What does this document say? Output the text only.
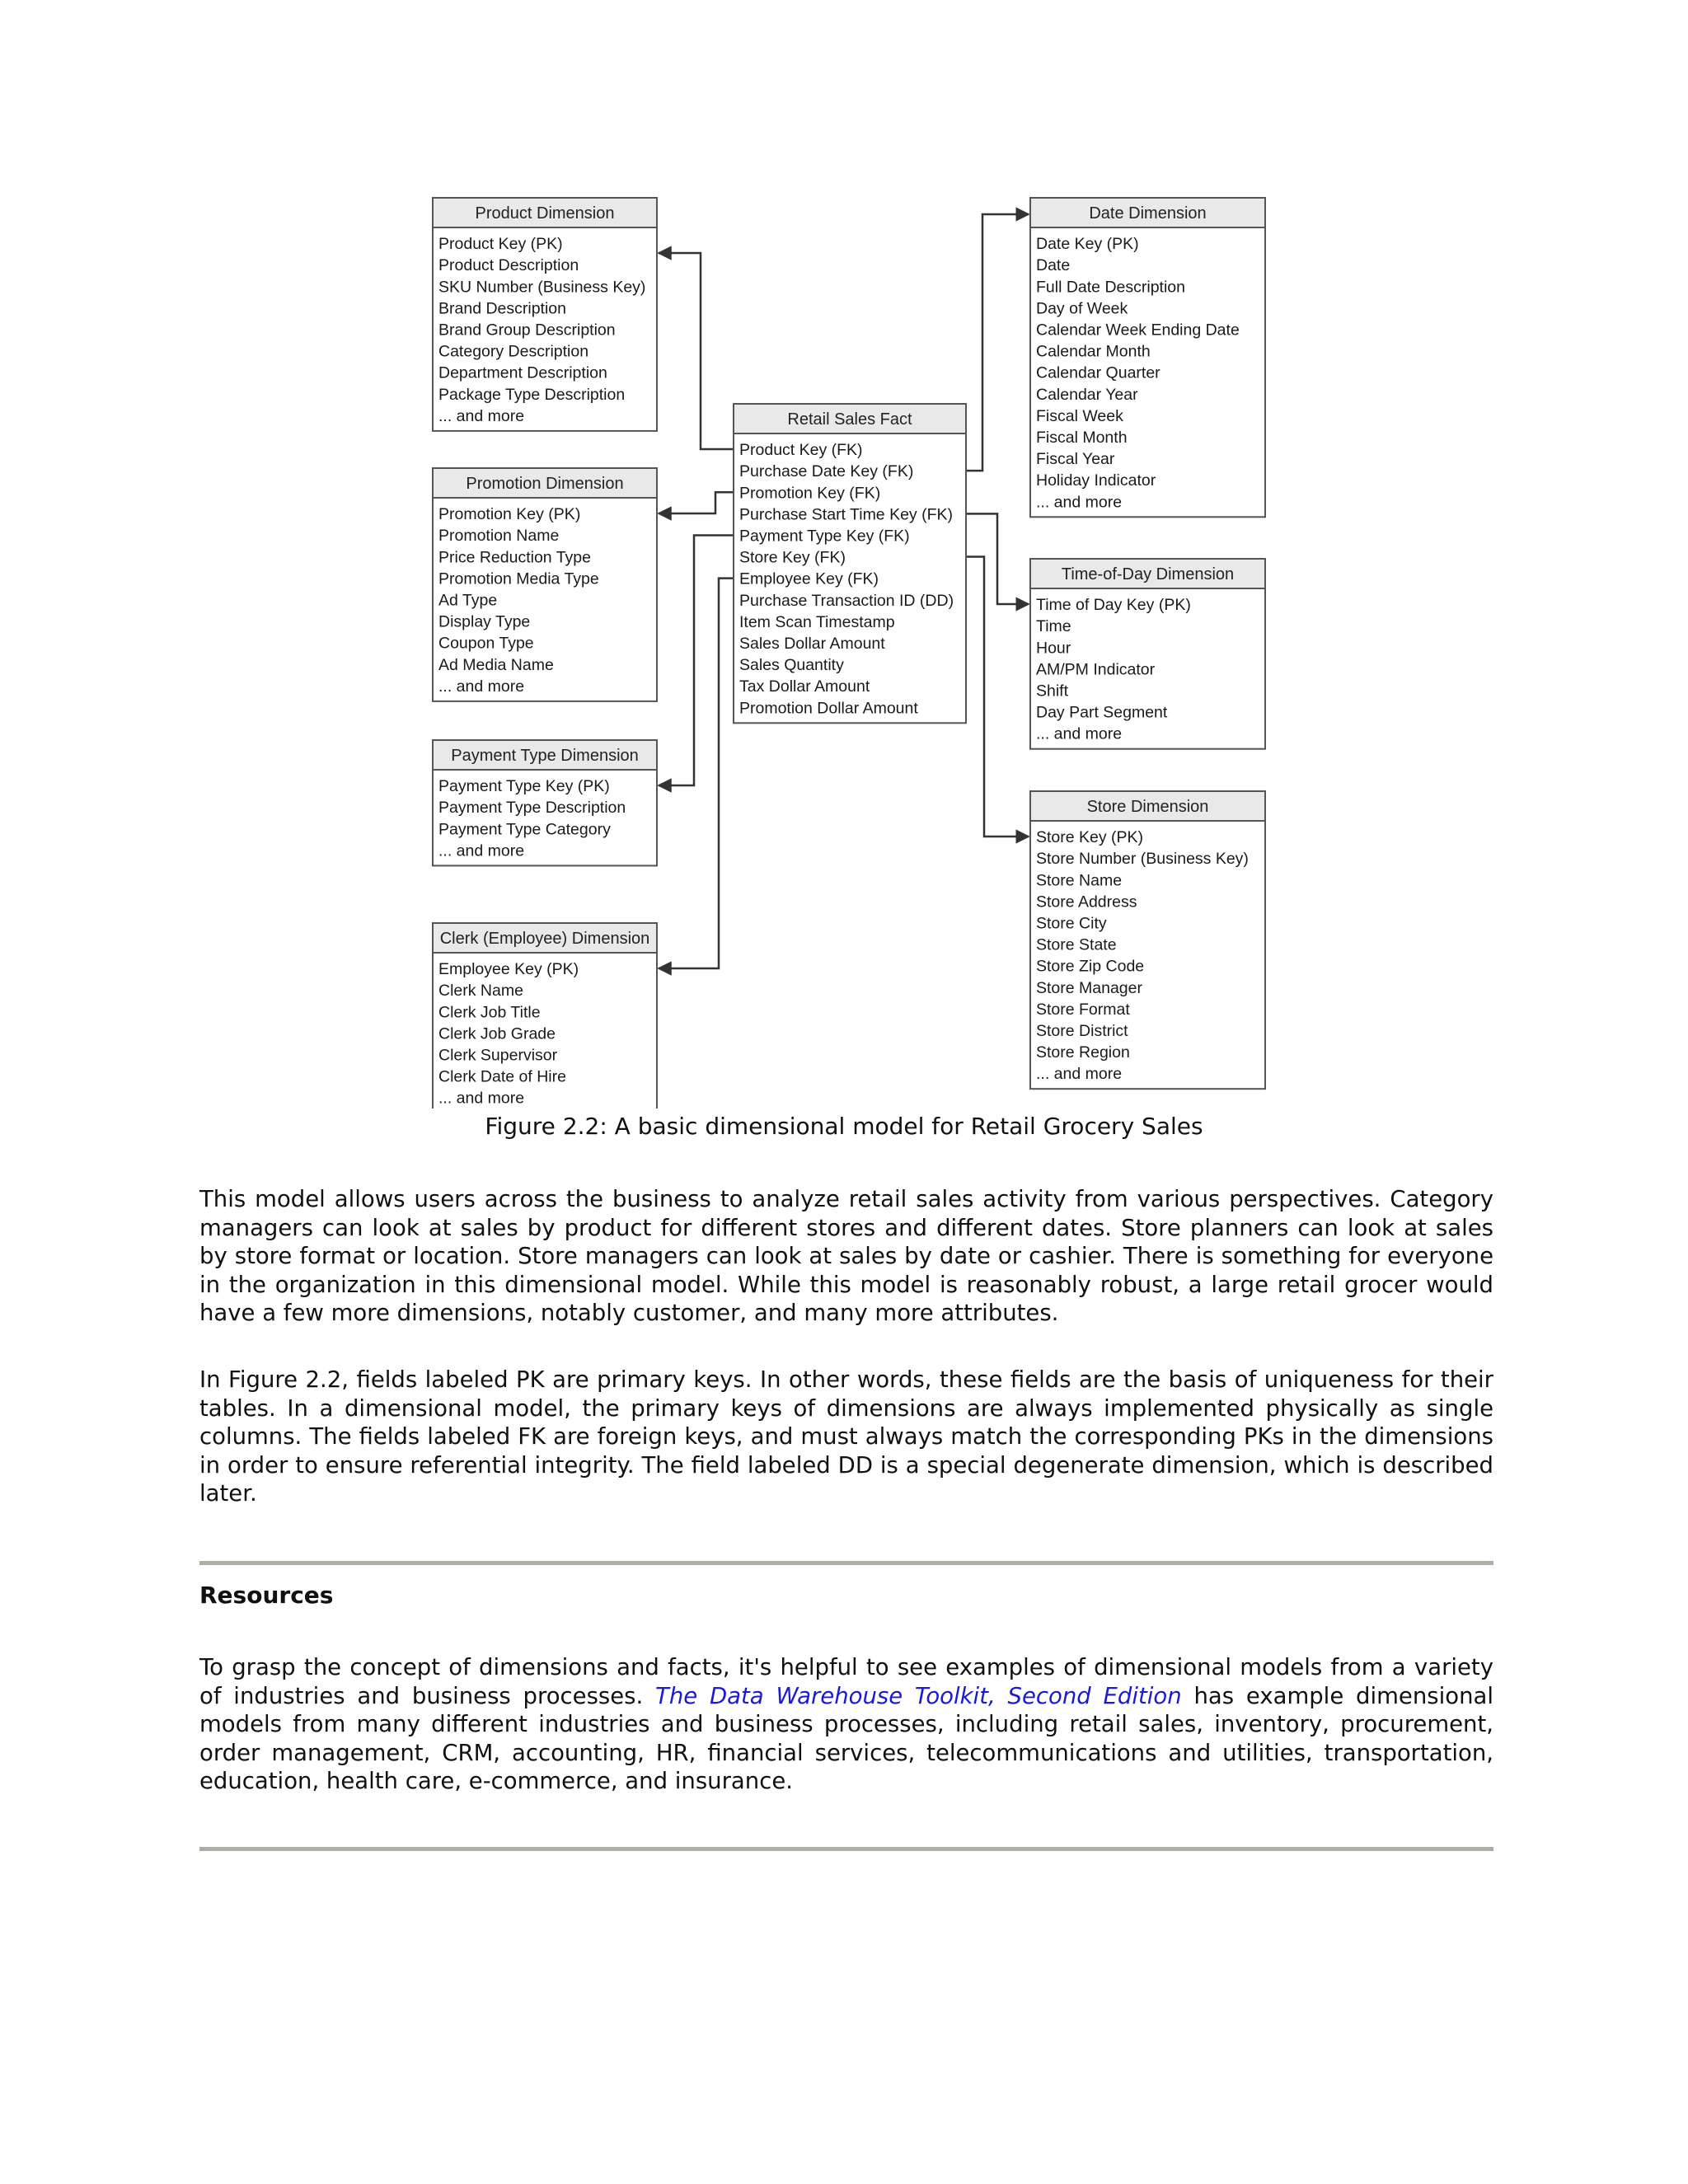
Product Dimension
Product Key (PK)
Product Description
SKU Number (Business Key)
Brand Description
Brand Group Description
Category Description
Department Description
Package Type Description
... and more
Promotion Dimension
Promotion Key (PK)
Promotion Name
Price Reduction Type
Promotion Media Type
Ad Type
Display Type
Coupon Type
Ad Media Name
... and more
Payment Type Dimension
Payment Type Key (PK)
Payment Type Description
Payment Type Category
... and more
Clerk (Employee) Dimension
Employee Key (PK)
Clerk Name
Clerk Job Title
Clerk Job Grade
Clerk Supervisor
Clerk Date of Hire
... and more
Retail Sales Fact
Product Key (FK)
Purchase Date Key (FK)
Promotion Key (FK)
Purchase Start Time Key (FK)
Payment Type Key (FK)
Store Key (FK)
Employee Key (FK)
Purchase Transaction ID (DD)
Item Scan Timestamp
Sales Dollar Amount
Sales Quantity
Tax Dollar Amount
Promotion Dollar Amount
Date Dimension
Date Key (PK)
Date
Full Date Description
Day of Week
Calendar Week Ending Date
Calendar Month
Calendar Quarter
Calendar Year
Fiscal Week
Fiscal Month
Fiscal Year
Holiday Indicator
... and more
Time-of-Day Dimension
Time of Day Key (PK)
Time
Hour
AM/PM Indicator
Shift
Day Part Segment
... and more
Store Dimension
Store Key (PK)
Store Number (Business Key)
Store Name
Store Address
Store City
Store State
Store Zip Code
Store Manager
Store Format
Store District
Store Region
... and more
Figure 2.2: A basic dimensional model for Retail Grocery Sales

This model allows users across the business to analyze retail sales activity from various perspectives. Category managers can look at sales by product for different stores and different dates. Store planners can look at sales by store format or location. Store managers can look at sales by date or cashier. There is something for everyone in the organization in this dimensional model. While this model is reasonably robust, a large retail grocer would have a few more dimensions, notably customer, and many more attributes.

In Figure 2.2, fields labeled PK are primary keys. In other words, these fields are the basis of uniqueness for their tables. In a dimensional model, the primary keys of dimensions are always implemented physically as single columns. The fields labeled FK are foreign keys, and must always match the corresponding PKs in the dimensions in order to ensure referential integrity. The field labeled DD is a special degenerate dimension, which is described later.

Resources

To grasp the concept of dimensions and facts, it's helpful to see examples of dimensional models from a variety of industries and business processes. The Data Warehouse Toolkit, Second Edition has example dimensional models from many different industries and business processes, including retail sales, inventory, procurement, order management, CRM, accounting, HR, financial services, telecommunications and utilities, transportation, education, health care, e-commerce, and insurance.
